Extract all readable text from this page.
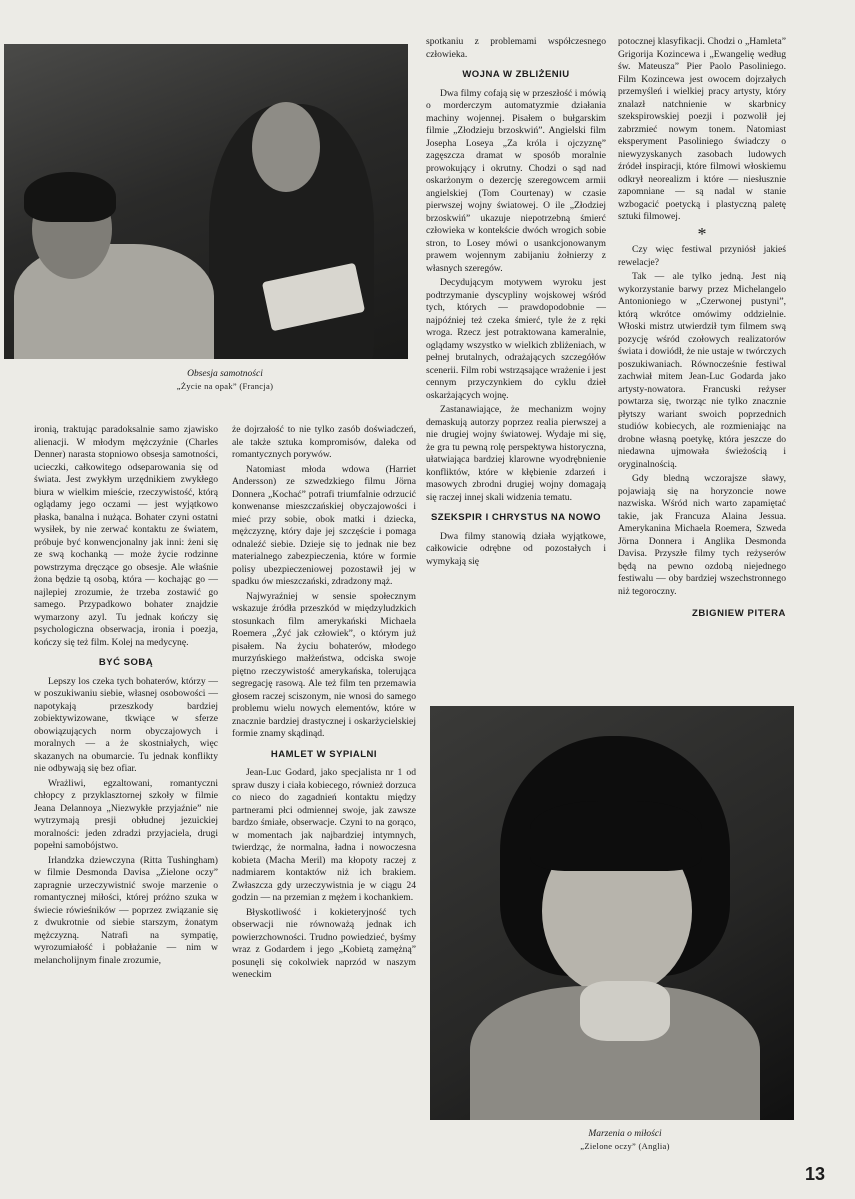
Obsesja samotności
„Życie na opak” (Francja)

ironią, traktując paradoksalnie samo zjawisko alienacji. W młodym mężczyźnie (Charles Denner) narasta stopniowo obsesja samotności, ucieczki, całkowitego odseparowania się od świata. Jest zwykłym urzędnikiem zwykłego biura w wielkim mieście, rzeczywistość, którą oglądamy jego oczami — jest wyjątkowo płaska, banalna i nużąca. Bohater czyni ostatni wysiłek, by nie zerwać kontaktu ze światem, próbuje być konwencjonalny jak inni: żeni się ze swą kochanką — może życie rodzinne powstrzyma dręczące go obsesje. Ale właśnie żona będzie tą osobą, która — kochając go — najlepiej zrozumie, że trzeba zostawić go samego. Przypadkowo bohater znajdzie wymarzony azyl. Tu jednak kończy się psychologiczna obserwacja, ironia i poezja, kończy się też film. Kolej na medycynę.

BYĆ SOBĄ

Lepszy los czeka tych bohaterów, którzy — w poszukiwaniu siebie, własnej osobowości — napotykają przeszkody bardziej zobiektywizowane, tkwiące w sferze obowiązujących norm obyczajowych i moralnych — a że skostniałych, więc skazanych na obumarcie. Tu jednak konflikty nie odbywają się bez ofiar.

Wrażliwi, egzaltowani, romantyczni chłopcy z przyklasztornej szkoły w filmie Jeana Delannoya „Niezwykłe przyjaźnie” nie wytrzymają presji obłudnej jezuickiej moralności: jeden zdradzi przyjaciela, drugi popełni samobójstwo.

Irlandzka dziewczyna (Ritta Tushingham) w filmie Desmonda Davisa „Zielone oczy” zapragnie urzeczywistnić swoje marzenie o romantycznej miłości, której próżno szuka w świecie rówieśników — poprzez związanie się z dwukrotnie od siebie starszym, żonatym mężczyzną. Natrafi na sympatię, wyrozumiałość i pobłażanie — nim w melancholijnym finale zrozumie,

że dojrzałość to nie tylko zasób doświadczeń, ale także sztuka kompromisów, daleka od romantycznych porywów.

Natomiast młoda wdowa (Harriet Andersson) ze szwedzkiego filmu Jörna Donnera „Kochać” potrafi triumfalnie odrzucić konwenanse mieszczańskiej obyczajowości i mieć przy sobie, obok matki i dziecka, mężczyznę, który daje jej szczęście i pomaga odnaleźć siebie. Dzieje się to jednak nie bez materialnego zabezpieczenia, które w formie polisy ubezpieczeniowej pozostawił jej w spadku ów mieszczański, zdradzony mąż.

Najwyraźniej w sensie społecznym wskazuje źródła przeszkód w międzyludzkich stosunkach film amerykański Michaela Roemera „Żyć jak człowiek”, o którym już pisałem. Na życiu bohaterów, młodego murzyńskiego małżeństwa, odciska swoje piętno rzeczywistość amerykańska, tolerująca segregację rasową. Ale też film ten przemawia głosem raczej sciszonym, nie wnosi do samego problemu wielu nowych elementów, które w znacznie bardziej drastycznej i oskarżycielskiej formie znamy skądinąd.

HAMLET W SYPIALNI

Jean-Luc Godard, jako specjalista nr 1 od spraw duszy i ciała kobiecego, również dorzuca co nieco do zagadnień kontaktu między partnerami płci odmiennej swoje, jak zawsze bardzo śmiałe, obserwacje. Czyni to na gorąco, w momentach jak najbardziej intymnych, twierdząc, że normalna, ładna i nowoczesna kobieta (Macha Meril) ma kłopoty raczej z nadmiarem kontaktów niż ich brakiem. Zwłaszcza gdy urzeczywistnia je w ciągu 24 godzin — na przemian z mężem i kochankiem.

Błyskotliwość i kokieteryjność tych obserwacji nie równoważą jednak ich powierzchowności. Trudno powiedzieć, byśmy wraz z Godardem i jego „Kobietą zamężną” posunęli się cokolwiek naprzód w naszym weneckim

spotkaniu z problemami współczesnego człowieka.

WOJNA W ZBLIŻENIU

Dwa filmy cofają się w przeszłość i mówią o morderczym automatyzmie działania machiny wojennej. Pisałem o bułgarskim filmie „Złodzieju brzoskwiń”. Angielski film Josepha Loseya „Za króla i ojczyznę” zagęszcza dramat w sposób moralnie prowokujący i okrutny. Chodzi o sąd nad oskarżonym o dezercję szeregowcem armii angielskiej (Tom Courtenay) w czasie pierwszej wojny światowej. O ile „Złodziej brzoskwiń” ukazuje niepotrzebną śmierć człowieka w kontekście dwóch wrogich sobie stron, to Losey mówi o usankcjonowanym prawem wojennym zabijaniu żołnierzy z własnych szeregów.

Decydującym motywem wyroku jest podtrzymanie dyscypliny wojskowej wśród tych, których — prawdopodobnie — najpóźniej też czeka śmierć, tyle że z ręki wroga. Rzecz jest potraktowana kameralnie, oglądamy wszystko w wielkich zbliżeniach, w pełnej brutalnych, odrażających szczegółów scenerii. Film robi wstrząsające wrażenie i jest cennym przyczynkiem do cyklu dzieł oskarżających wojnę.

Zastanawiające, że mechanizm wojny demaskują autorzy poprzez realia pierwszej a nie drugiej wojny światowej. Wydaje mi się, że gra tu pewną rolę perspektywa historyczna, ułatwiająca bardziej klarowne wyodrębnienie konfliktów, które w kłębienie zdarzeń i masowych zbrodni drugiej wojny domagają się raczej innej skali widzenia tematu.

SZEKSPIR I CHRYSTUS NA NOWO

Dwa filmy stanowią działa wyjątkowe, całkowicie odrębne od pozostałych i wymykają się

potocznej klasyfikacji. Chodzi o „Hamleta” Grigorija Kozincewa i „Ewangelię według św. Mateusza” Pier Paolo Pasoliniego. Film Kozincewa jest owocem dojrzałych przemyśleń i wielkiej pracy artysty, który znalazł natchnienie w skarbnicy szekspirowskiej poezji i pozwolił jej zabrzmieć nowym tonem. Natomiast eksperyment Pasoliniego świadczy o niewyzyskanych zasobach ludowych źródeł inspiracji, które filmowi włoskiemu odkrył neorealizm i które — niesłusznie zapomniane — są nadal w stanie wzbogacić poetycką i plastyczną paletę sztuki filmowej.

*

Czy więc festiwal przyniósł jakieś rewelacje?

Tak — ale tylko jedną. Jest nią wykorzystanie barwy przez Michelangelo Antonioniego w „Czerwonej pustyni”, którą wkrótce omówimy oddzielnie. Włoski mistrz utwierdził tym filmem swą pozycję wśród czołowych realizatorów świata i dowiódł, że nie ustaje w twórczych poszukiwaniach. Równocześnie festiwal zachwiał mitem Jean-Luc Godarda jako artysty-nowatora. Francuski reżyser powtarza się, tworząc nie tylko znacznie płytszy wariant swoich poprzednich studiów kobiecych, ale rozmieniając na drobne własną poetykę, która jeszcze do niedawna ujmowała świeżością i oryginalnością.

Gdy bledną wczorajsze sławy, pojawiają się na horyzoncie nowe nazwiska. Wśród nich warto zapamiętać takie, jak Francuza Alaina Jessua. Amerykanina Michaela Roemera, Szweda Jörna Donnera i Anglika Desmonda Davisa. Przyszłe filmy tych reżyserów będą na pewno ozdobą niejednego festiwalu — oby bardziej wszechstronnego niż tegoroczny.

ZBIGNIEW PITERA
Marzenia o miłości
„Zielone oczy” (Anglia)
13
